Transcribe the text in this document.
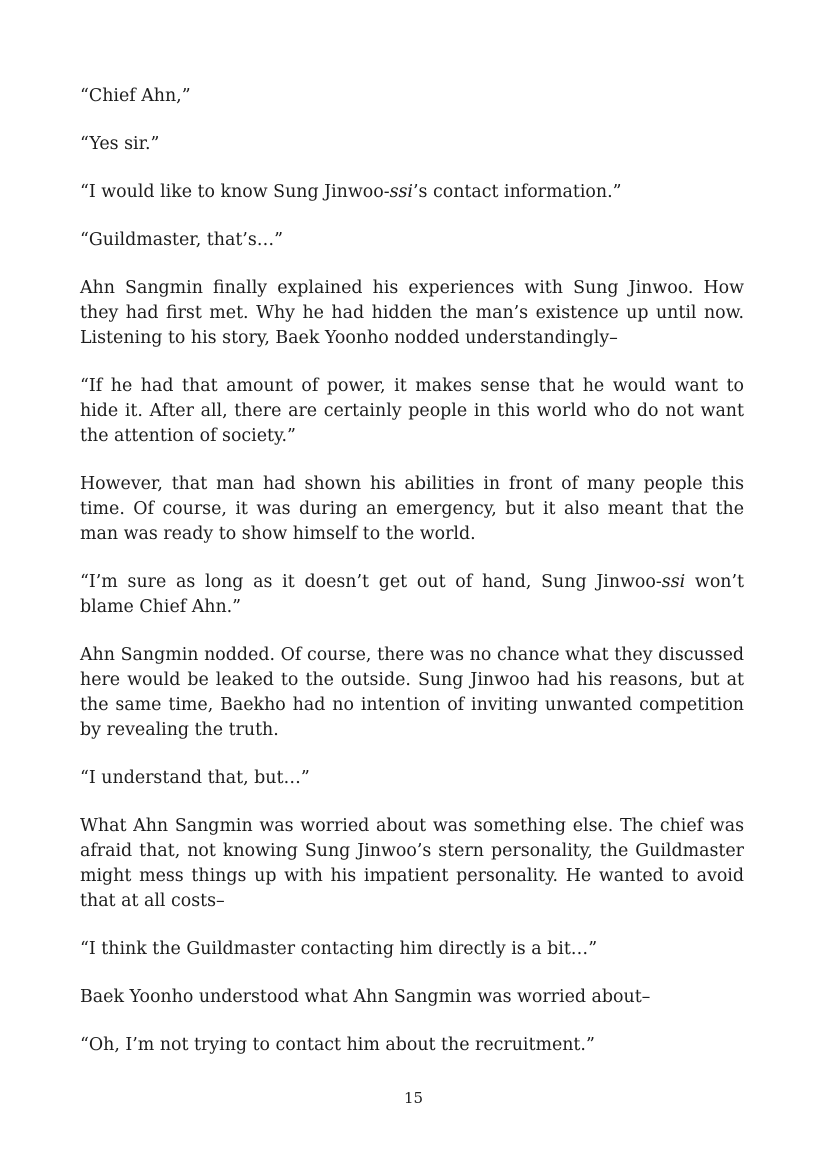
“Chief Ahn,”

“Yes sir.”

“I would like to know Sung Jinwoo-ssi’s contact information.”

“Guildmaster, that’s…”

Ahn Sangmin finally explained his experiences with Sung Jinwoo. How they had first met. Why he had hidden the man’s existence up until now. Listening to his story, Baek Yoonho nodded understandingly–

“If he had that amount of power, it makes sense that he would want to hide it. After all, there are certainly people in this world who do not want the attention of society.”

However, that man had shown his abilities in front of many people this time. Of course, it was during an emergency, but it also meant that the man was ready to show himself to the world.

“I’m sure as long as it doesn’t get out of hand, Sung Jinwoo-ssi won’t blame Chief Ahn.”

Ahn Sangmin nodded. Of course, there was no chance what they discussed here would be leaked to the outside. Sung Jinwoo had his reasons, but at the same time, Baekho had no intention of inviting unwanted competition by revealing the truth.

“I understand that, but…”

What Ahn Sangmin was worried about was something else. The chief was afraid that, not knowing Sung Jinwoo’s stern personality, the Guildmaster might mess things up with his impatient personality. He wanted to avoid that at all costs–

“I think the Guildmaster contacting him directly is a bit…”

Baek Yoonho understood what Ahn Sangmin was worried about–

“Oh, I’m not trying to contact him about the recruitment.”

15
